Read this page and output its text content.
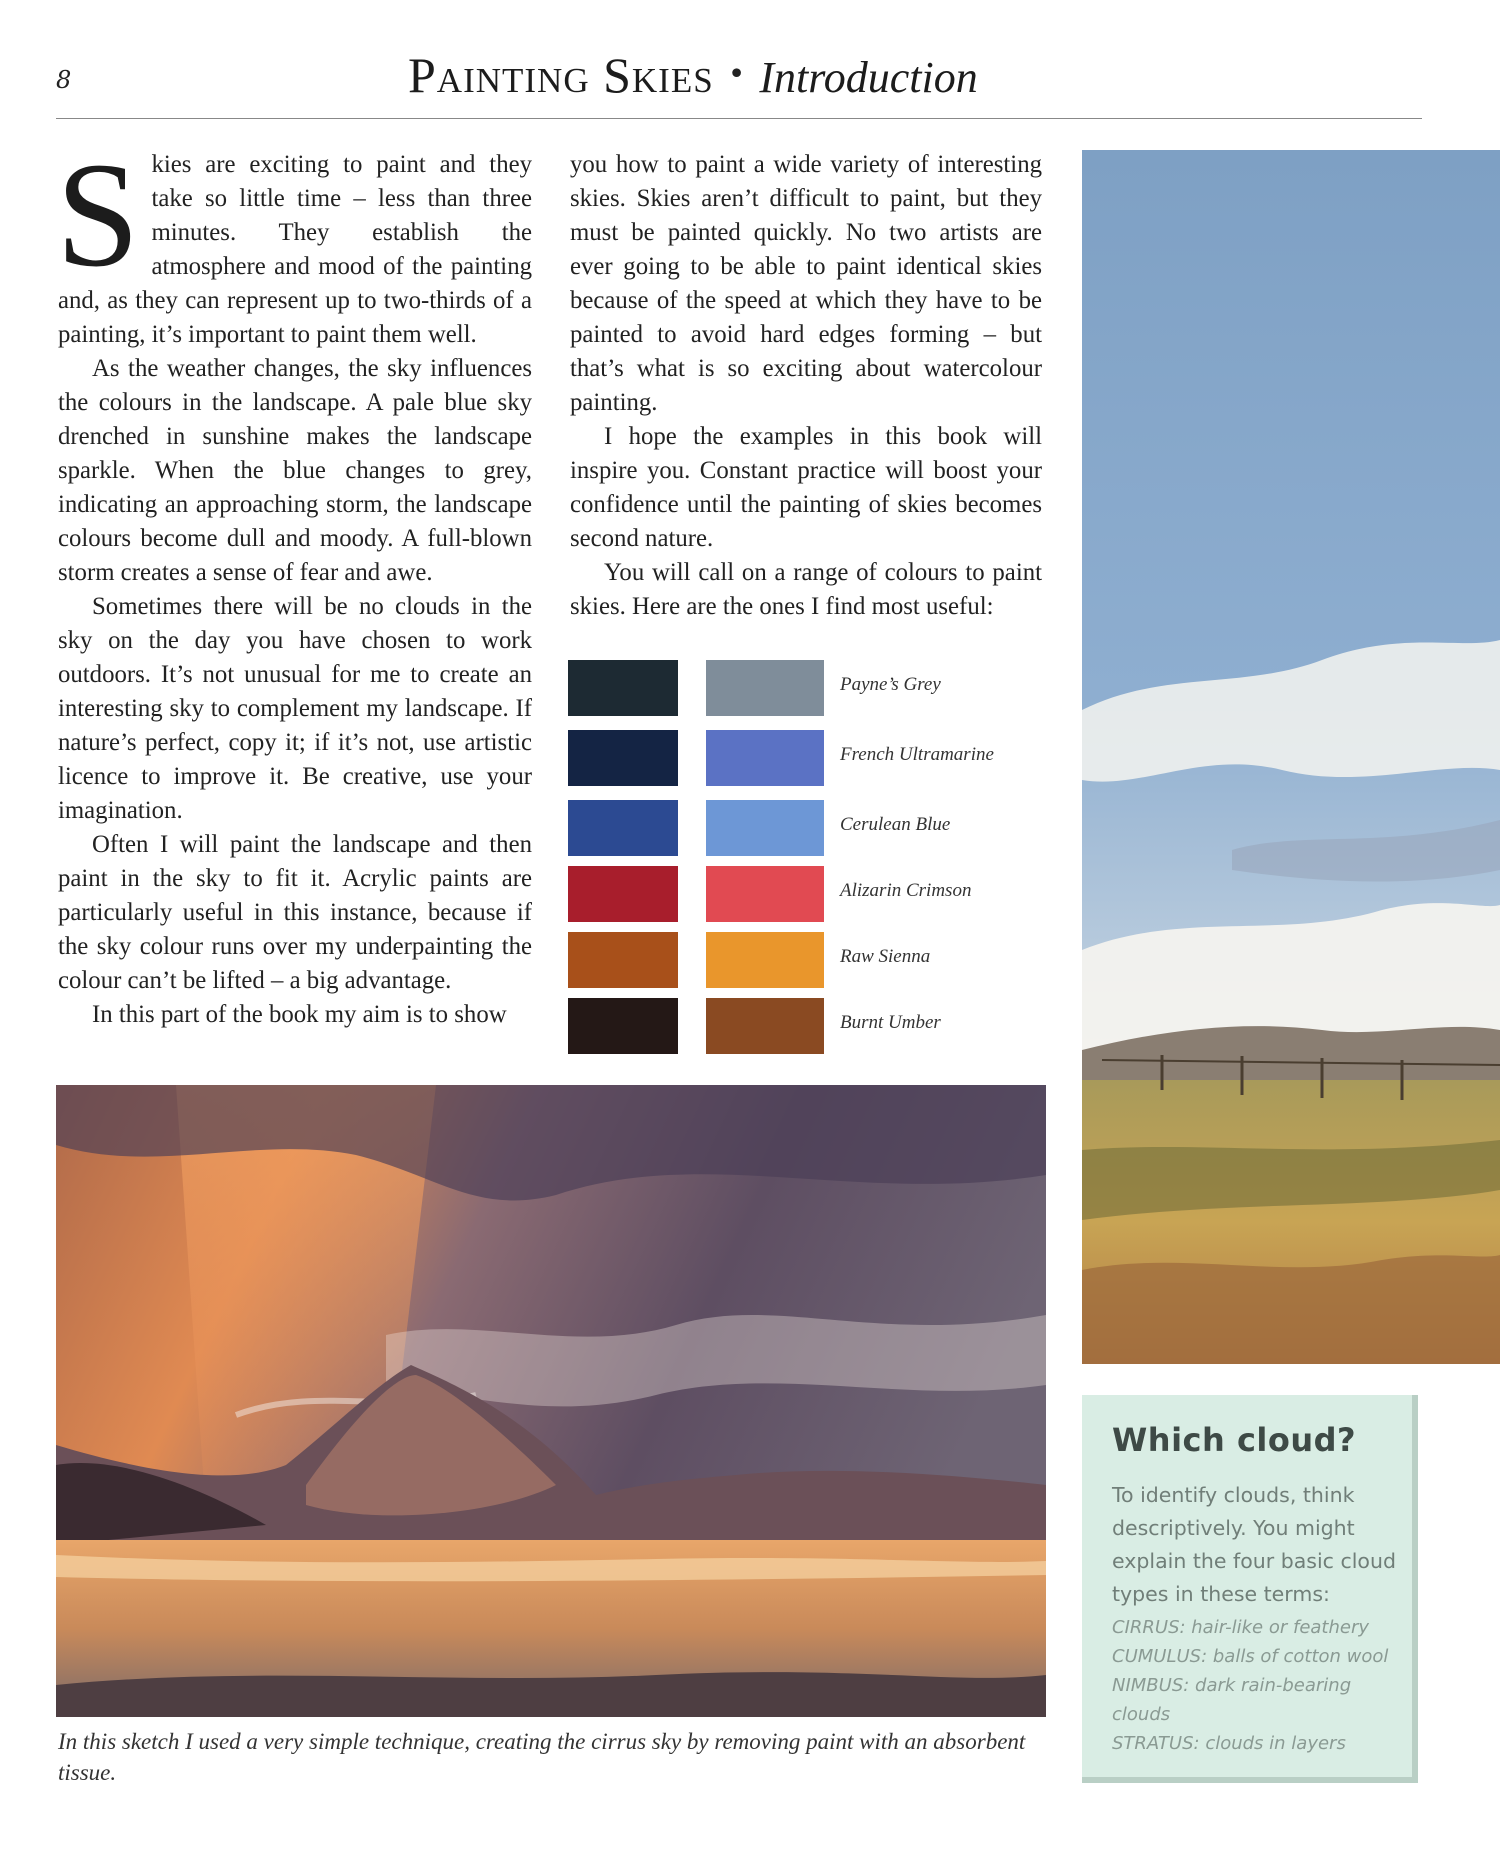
8	Painting Skies • Introduction

Skies are exciting to paint and they take so little time – less than three minutes. They establish the atmosphere and mood of the painting and, as they can represent up to two-thirds of a painting, it’s important to paint them well.

As the weather changes, the sky influences the colours in the landscape. A pale blue sky drenched in sunshine makes the landscape sparkle. When the blue changes to grey, indicating an approaching storm, the landscape colours become dull and moody. A full-blown storm creates a sense of fear and awe.

Sometimes there will be no clouds in the sky on the day you have chosen to work outdoors. It’s not unusual for me to create an interesting sky to complement my landscape. If nature’s perfect, copy it; if it’s not, use artistic licence to improve it. Be creative, use your imagination.

Often I will paint the landscape and then paint in the sky to fit it. Acrylic paints are particularly useful in this instance, because if the sky colour runs over my underpainting the colour can’t be lifted – a big advantage.

In this part of the book my aim is to show

you how to paint a wide variety of interesting skies. Skies aren’t difficult to paint, but they must be painted quickly. No two artists are ever going to be able to paint identical skies because of the speed at which they have to be painted to avoid hard edges forming – but that’s what is so exciting about watercolour painting.

I hope the examples in this book will inspire you. Constant practice will boost your confidence until the painting of skies becomes second nature.

You will call on a range of colours to paint skies. Here are the ones I find most useful:

Payne’s Grey
French Ultramarine
Cerulean Blue
Alizarin Crimson
Raw Sienna
Burnt Umber
In this sketch I used a very simple technique, creating the cirrus sky by removing paint with an absorbent tissue.
Which cloud?
To identify clouds, think descriptively. You might explain the four basic cloud types in these terms:
CIRRUS: hair-like or feathery
CUMULUS: balls of cotton wool
NIMBUS: dark rain-bearing clouds
STRATUS: clouds in layers
